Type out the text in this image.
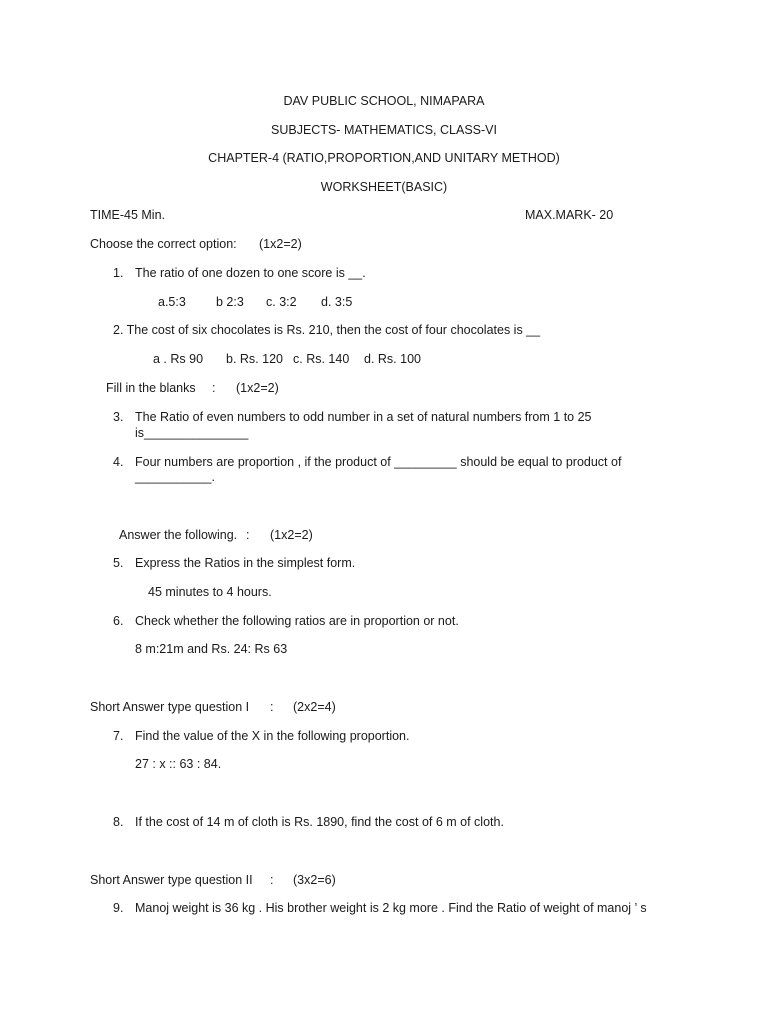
DAV PUBLIC SCHOOL, NIMAPARA
SUBJECTS- MATHEMATICS, CLASS-VI
CHAPTER-4 (RATIO,PROPORTION,AND UNITARY METHOD)
WORKSHEET(BASIC)
TIME-45 Min.	MAX.MARK- 20
Choose the correct option: (1x2=2)
1. The ratio of one dozen to one score is __.
a.5:3 b 2:3 c. 3:2 d. 3:5
2. The cost of six chocolates is Rs. 210, then the cost of four chocolates is __
a . Rs 90 b. Rs. 120 c. Rs. 140 d. Rs. 100
Fill in the blanks : (1x2=2)
3. The Ratio of even numbers to odd number in a set of natural numbers from 1 to 25
is_______________
4. Four numbers are proportion , if the product of _________ should be equal to product of
___________.
Answer the following. : (1x2=2)
5. Express the Ratios in the simplest form.
45 minutes to 4 hours.
6. Check whether the following ratios are in proportion or not.
8 m:21m and Rs. 24: Rs 63
Short Answer type question I : (2x2=4)
7. Find the value of the X in the following proportion.
27 : x :: 63 : 84.
8. If the cost of 14 m of cloth is Rs. 1890, find the cost of 6 m of cloth.
Short Answer type question II : (3x2=6)
9. Manoj weight is 36 kg . His brother weight is 2 kg more . Find the Ratio of weight of manoj ’ s
